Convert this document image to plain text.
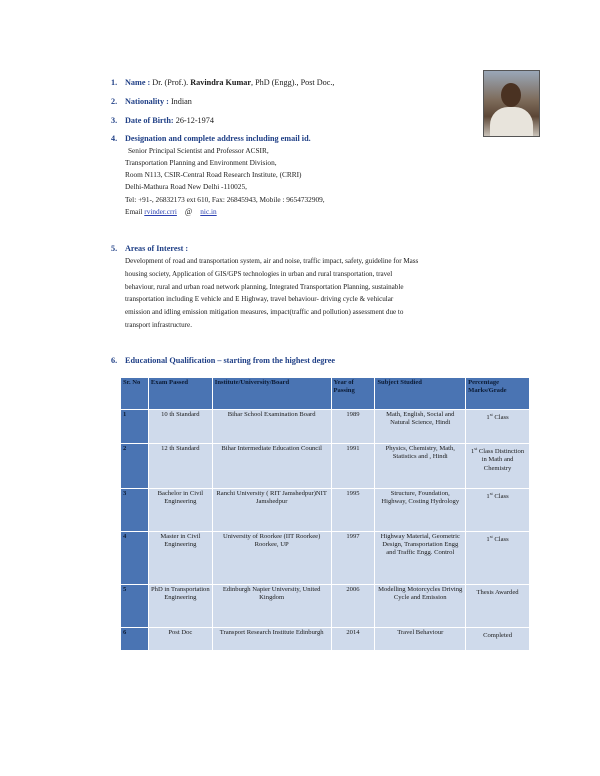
1. Name : Dr. (Prof.). Ravindra Kumar, PhD (Engg)., Post Doc.,
2. Nationality : Indian
3. Date of Birth: 26-12-1974
4. Designation and complete address including email id.
Senior Principal Scientist and Professor ACSIR,
Transportation Planning and Environment Division,
Room N113, CSIR-Central Road Research Institute, (CRRI)
Delhi-Mathura Road New Delhi -110025,
Tel: +91-, 26832173 ext 610, Fax: 26845943, Mobile : 9654732909,
Email rvinder.crri @ nic.in
5. Areas of Interest :
Development of road and transportation system, air and noise, traffic impact, safety, guideline for Mass
housing society, Application of GIS/GPS technologies in urban and rural transportation, travel
behaviour, rural and urban road network planning, Integrated Transportation Planning, sustainable
transportation including E vehicle and E Highway, travel behaviour- driving cycle & vehicular
emission and idling emission mitigation measures, impact(traffic and pollution) assessment due to
transport infrastructure.
6. Educational Qualification – starting from the highest degree
Sr. No	Exam Passed	Institute/University/Board	Year of Passing	Subject Studied	Percentage Marks/Grade
1	10 th Standard	Bihar School Examination Board	1989	Math, English, Social and Natural Science, Hindi	1st Class
2	12 th Standard	Bihar Intermediate Education Council	1991	Physics, Chemistry, Math, Statistics and , Hindi	1st Class Distinction in Math and Chemistry
3	Bachelor in Civil Engineering	Ranchi University ( RIT Jamshedpur)NIT Jamshedpur	1995	Structure, Foundation, Highway, Costing Hydrology	1st Class
4	Master in Civil Engineering	University of Roorkee (IIT Roorkee) Roorkee, UP	1997	Highway Material, Geometric Design, Transportation Engg and Traffic Engg. Control	1st Class
5	PhD in Transportation Engineering	Edinburgh Napier University, United Kingdom	2006	Modelling Motorcycles Driving Cycle and Emission	Thesis Awarded
6	Post Doc	Transport Research Institute Edinburgh	2014	Travel Behaviour	Completed
